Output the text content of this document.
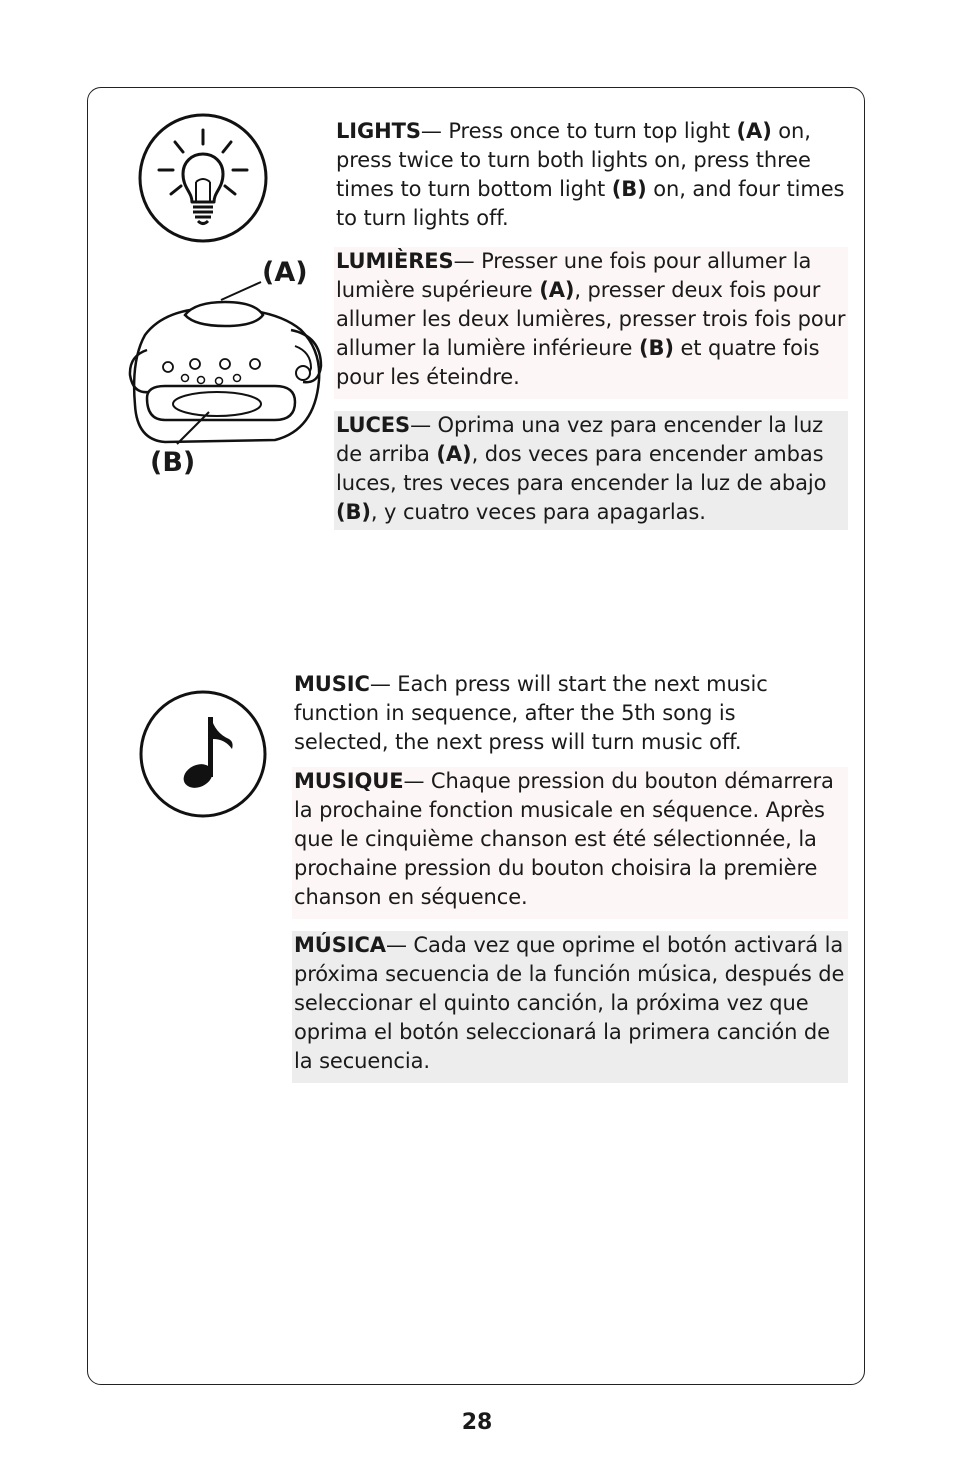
(A)
(B)
LIGHTS— Press once to turn top light (A) on, press twice to turn both lights on, press three times to turn bottom light (B) on, and four times to turn lights off.
LUMIÈRES— Presser une fois pour allumer la lumière supérieure (A), presser deux fois pour allumer les deux lumières, presser trois fois pour allumer la lumière inférieure (B) et quatre fois pour les éteindre.
LUCES— Oprima una vez para encender la luz de arriba (A), dos veces para encender ambas luces, tres veces para encender la luz de abajo (B), y cuatro veces para apagarlas.
MUSIC— Each press will start the next music function in sequence, after the 5th song is selected, the next press will turn music off.
MUSIQUE— Chaque pression du bouton démarrera la prochaine fonction musicale en séquence. Après que le cinquième chanson est été sélectionnée, la prochaine pression du bouton choisira la première chanson en séquence.
MÚSICA— Cada vez que oprime el botón activará la próxima secuencia de la función música, después de seleccionar el quinto canción, la próxima vez que oprima el botón seleccionará la primera canción de la secuencia.
28
